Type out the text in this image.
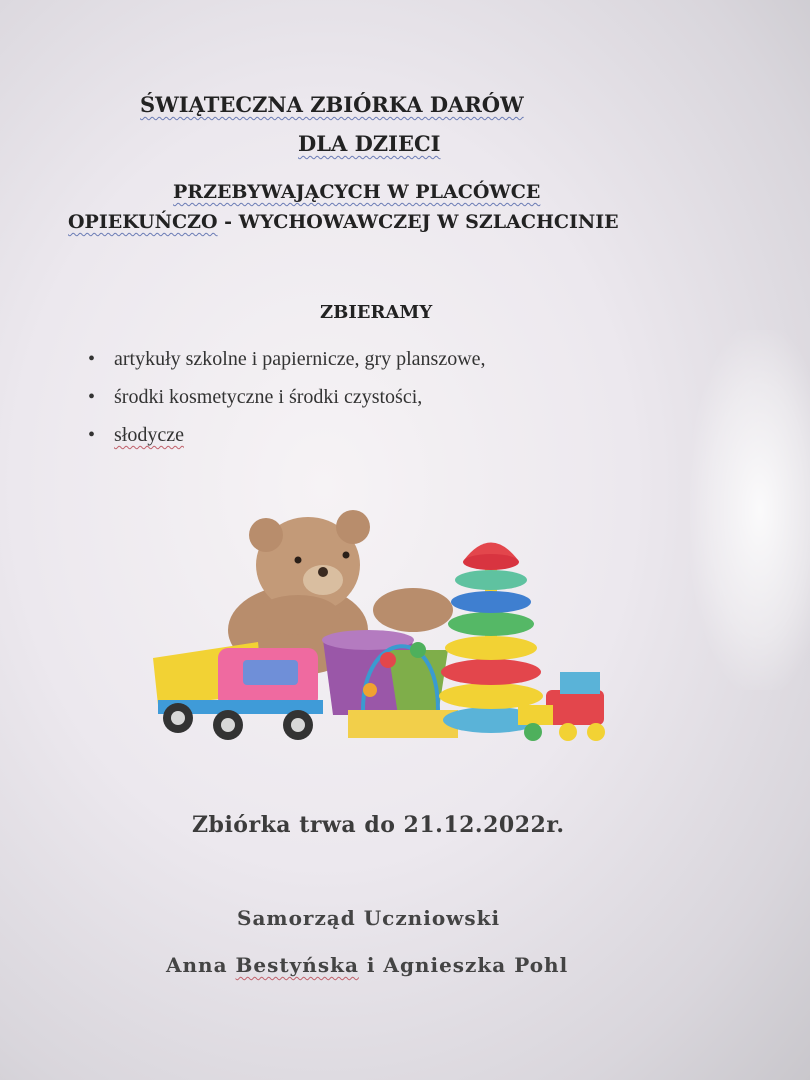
ŚWIĄTECZNA ZBIÓRKA DARÓW
DLA DZIECI
PRZEBYWAJĄCYCH W PLACÓWCE
OPIEKUŃCZO - WYCHOWAWCZEJ W SZLACHCINIE
ZBIERAMY
• artykuły szkolne i papiernicze, gry planszowe,
• środki kosmetyczne i środki czystości,
• słodycze
Zbiórka trwa do 21.12.2022r.
Samorząd Uczniowski
Anna Bestyńska i Agnieszka Pohl
